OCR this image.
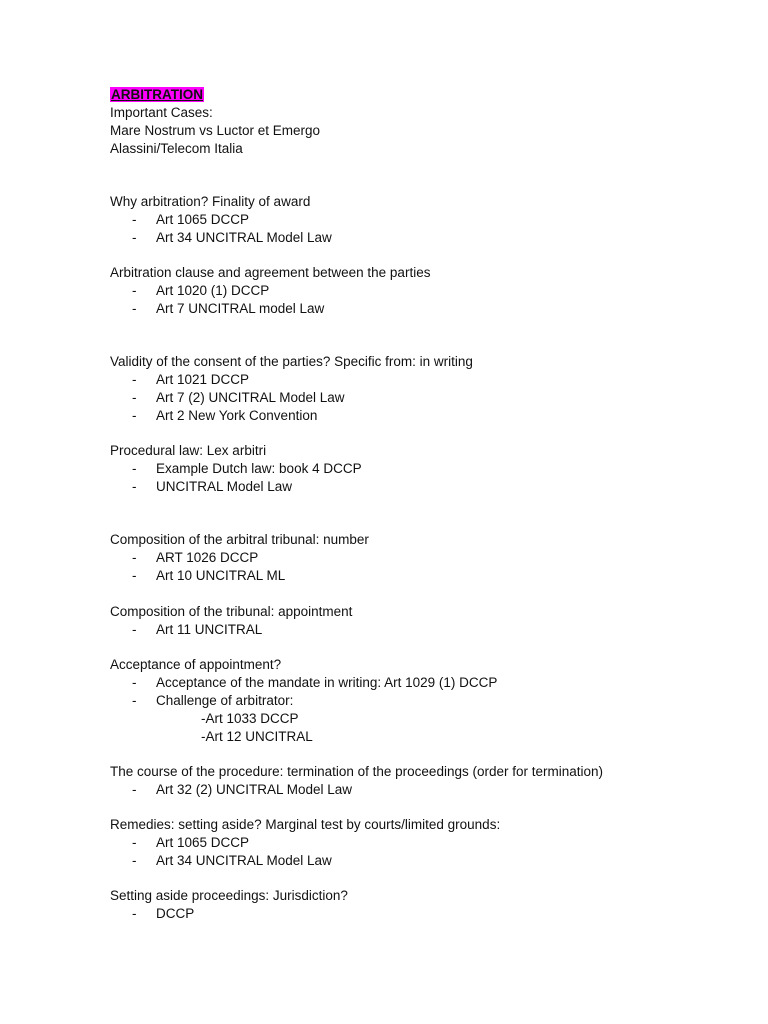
ARBITRATION
Important Cases:
Mare Nostrum vs Luctor et Emergo
Alassini/Telecom Italia
Why arbitration? Finality of award
- Art 1065 DCCP
- Art 34 UNCITRAL Model Law
Arbitration clause and agreement between the parties
- Art 1020 (1) DCCP
- Art 7 UNCITRAL model Law
Validity of the consent of the parties? Specific from: in writing
- Art 1021 DCCP
- Art 7 (2) UNCITRAL Model Law
- Art 2 New York Convention
Procedural law: Lex arbitri
- Example Dutch law: book 4 DCCP
- UNCITRAL Model Law
Composition of the arbitral tribunal: number
- ART 1026 DCCP
- Art 10 UNCITRAL ML
Composition of the tribunal: appointment
- Art 11 UNCITRAL
Acceptance of appointment?
- Acceptance of the mandate in writing: Art 1029 (1) DCCP
- Challenge of arbitrator:
-Art 1033 DCCP
-Art 12 UNCITRAL
The course of the procedure: termination of the proceedings (order for termination)
- Art 32 (2) UNCITRAL Model Law
Remedies: setting aside? Marginal test by courts/limited grounds:
- Art 1065 DCCP
- Art 34 UNCITRAL Model Law
Setting aside proceedings: Jurisdiction?
- DCCP
